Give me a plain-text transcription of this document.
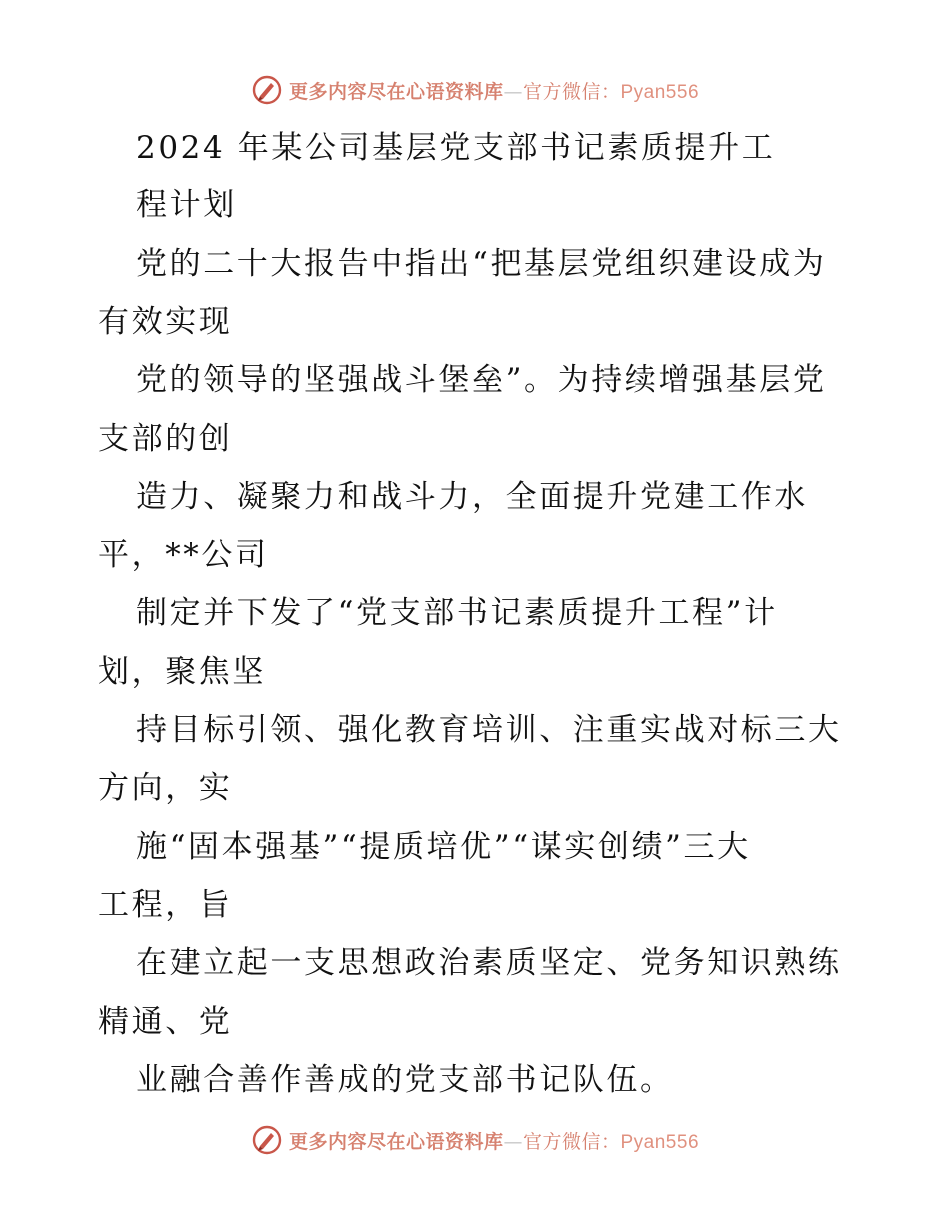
更多内容尽在心语资料库—官方微信：Pyan556
2024 年某公司基层党支部书记素质提升工
程计划
党的二十大报告中指出“把基层党组织建设成为
有效实现
党的领导的坚强战斗堡垒”。为持续增强基层党
支部的创
造力、凝聚力和战斗力，全面提升党建工作水
平，**公司
制定并下发了“党支部书记素质提升工程”计
划，聚焦坚
持目标引领、强化教育培训、注重实战对标三大
方向，实
施“固本强基”“提质培优”“谋实创绩”三大
工程，旨
在建立起一支思想政治素质坚定、党务知识熟练
精通、党
业融合善作善成的党支部书记队伍。
更多内容尽在心语资料库—官方微信：Pyan556
